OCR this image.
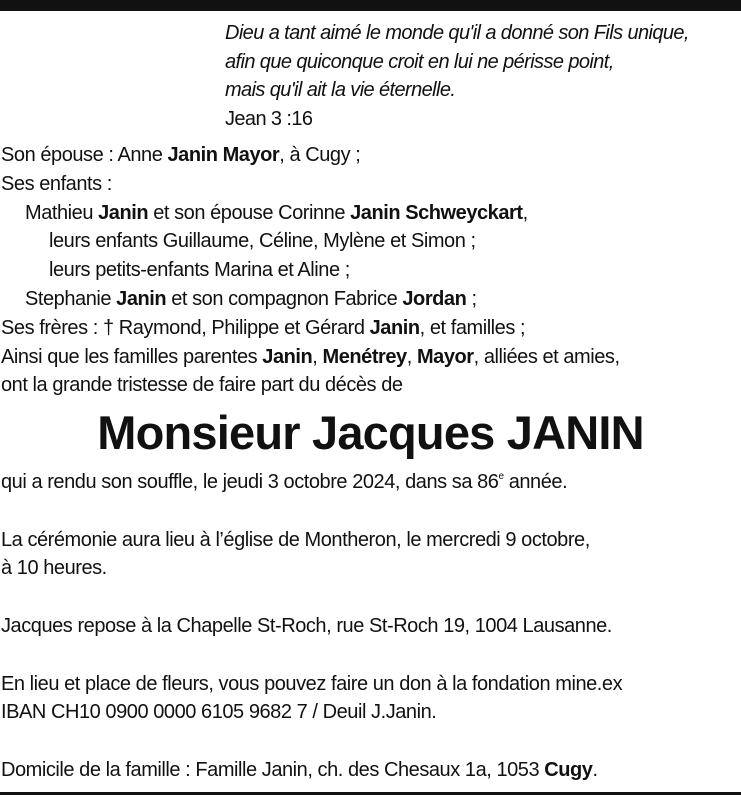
Dieu a tant aimé le monde qu'il a donné son Fils unique,
afin que quiconque croit en lui ne périsse point,
mais qu'il ait la vie éternelle.
Jean 3 :16
Son épouse : Anne Janin Mayor, à Cugy ;
Ses enfants :
Mathieu Janin et son épouse Corinne Janin Schweyckart,
leurs enfants Guillaume, Céline, Mylène et Simon ;
leurs petits-enfants Marina et Aline ;
Stephanie Janin et son compagnon Fabrice Jordan ;
Ses frères : † Raymond, Philippe et Gérard Janin, et familles ;
Ainsi que les familles parentes Janin, Menétrey, Mayor, alliées et amies,
ont la grande tristesse de faire part du décès de
Monsieur Jacques JANIN

qui a rendu son souffle, le jeudi 3 octobre 2024, dans sa 86e année.

La cérémonie aura lieu à l’église de Montheron, le mercredi 9 octobre,

à 10 heures.

Jacques repose à la Chapelle St-Roch, rue St-Roch 19, 1004 Lausanne.

En lieu et place de fleurs, vous pouvez faire un don à la fondation mine.ex

IBAN CH10 0900 0000 6105 9682 7 / Deuil J.Janin.

Domicile de la famille : Famille Janin, ch. des Chesaux 1a, 1053 Cugy.
